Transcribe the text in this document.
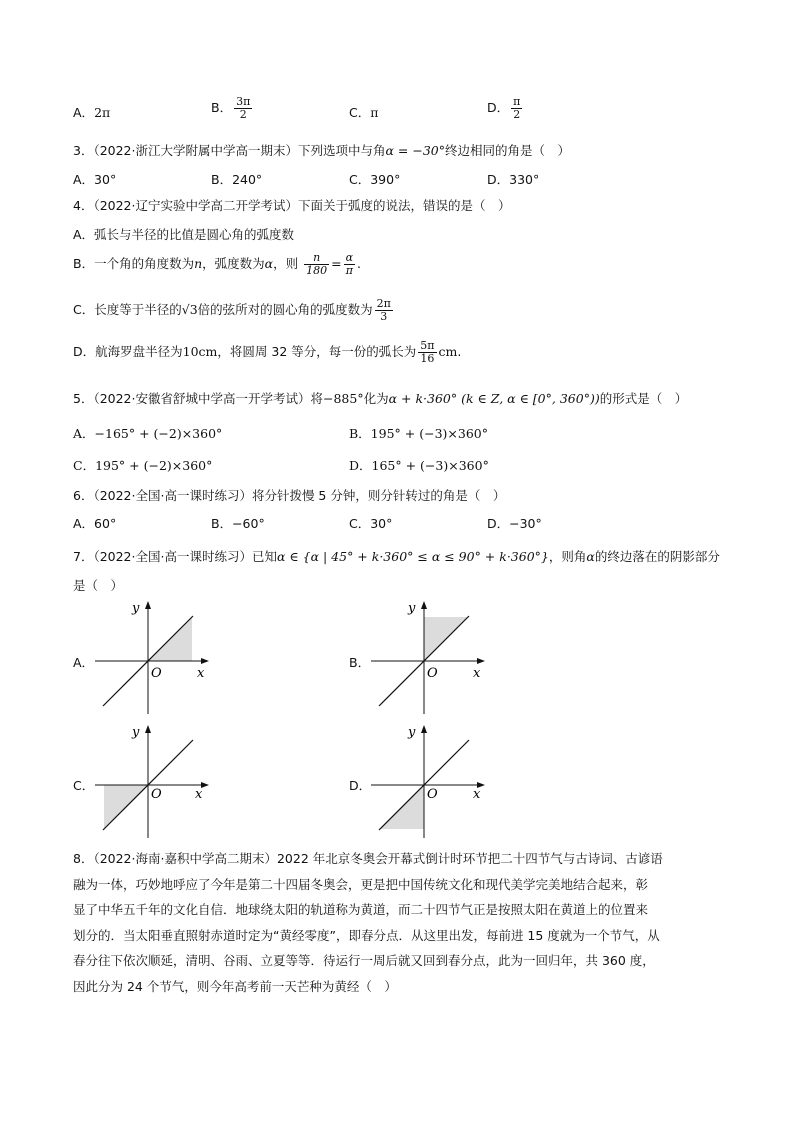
A．2π	B． $\frac{3\pi}{2}$	C．π	D． $\frac{\pi}{2}$
3．（2022·浙江大学附属中学高一期末）下列选项中与角α = −30°终边相同的角是（　）
A．30°	B．240°	C．390°	D．330°
4．（2022·辽宁实验中学高二开学考试）下面关于弧度的说法，错误的是（　）
A．弧长与半径的比值是圆心角的弧度数
B．一个角的角度数为n，弧度数为α，则 $\frac{n}{180} = \frac{\alpha}{\pi}$ .
C．长度等于半径的√3倍的弦所对的圆心角的弧度数为 $\frac{2\pi}{3}$
D．航海罗盘半径为10cm，将圆周 32 等分，每一份的弧长为 $\frac{5\pi}{16}$ cm.
5．（2022·安徽省舒城中学高一开学考试）将−885°化为α + k·360° (k ∈ Z, α ∈ [0°, 360°))的形式是（　）
A．−165° + (−2)×360°	B．195° + (−3)×360°
C．195° + (−2)×360°	D．165° + (−3)×360°
6．（2022·全国·高一课时练习）将分针拨慢 5 分钟，则分针转过的角是（　）
A．60°	B．−60°	C．30°	D．−30°
7．（2022·全国·高一课时练习）已知α ∈ {α | 45° + k·360° ≤ α ≤ 90° + k·360°}，则角α的终边落在的阴影部分
是（　）
A．
y
x
O
B．
y
x
O
C．
y
x
O
D．
y
x
O
8．（2022·海南·嘉积中学高二期末）2022 年北京冬奥会开幕式倒计时环节把二十四节气与古诗词、古谚语
融为一体，巧妙地呼应了今年是第二十四届冬奥会，更是把中国传统文化和现代美学完美地结合起来，彰
显了中华五千年的文化自信．地球绕太阳的轨道称为黄道，而二十四节气正是按照太阳在黄道上的位置来
划分的．当太阳垂直照射赤道时定为“黄经零度”，即春分点．从这里出发，每前进 15 度就为一个节气，从
春分往下依次顺延，清明、谷雨、立夏等等．待运行一周后就又回到春分点，此为一回归年，共 360 度，
因此分为 24 个节气，则今年高考前一天芒种为黄经（　）
